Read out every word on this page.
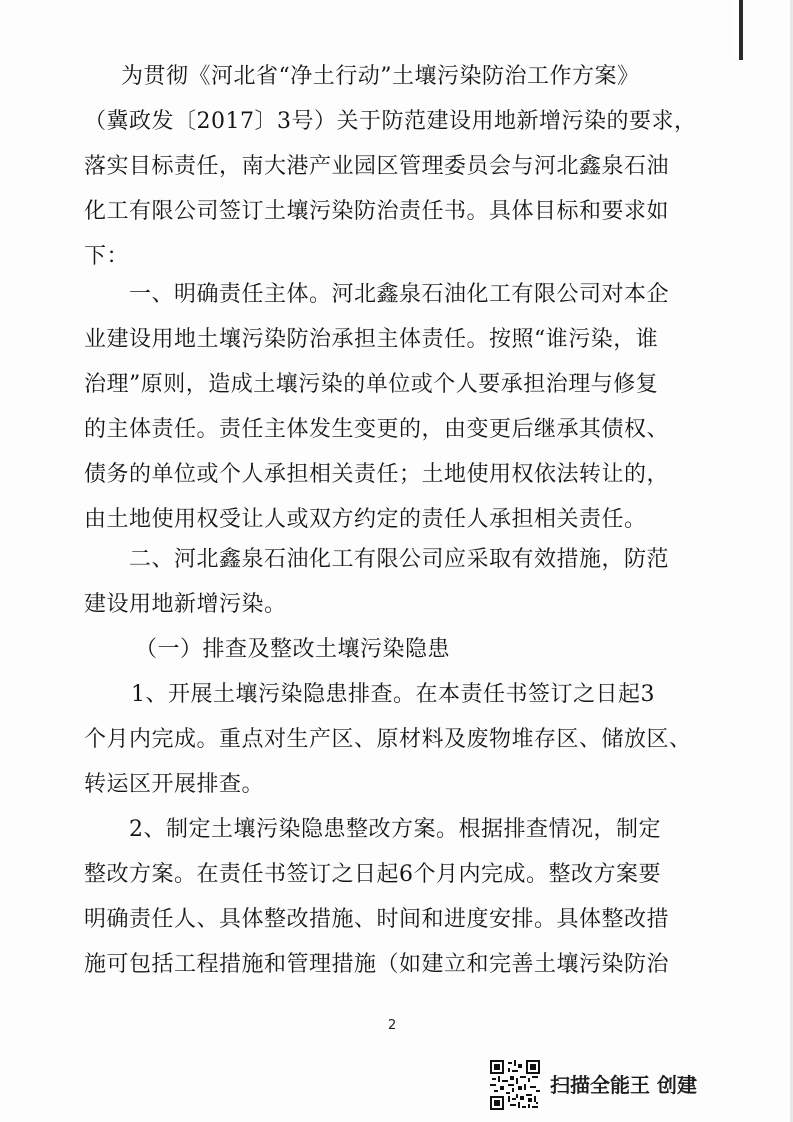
为贯彻《河北省“净土行动”土壤污染防治工作方案》
（冀政发〔2017〕3号）关于防范建设用地新增污染的要求，
落实目标责任，南大港产业园区管理委员会与河北鑫泉石油
化工有限公司签订土壤污染防治责任书。具体目标和要求如
下：
一、明确责任主体。河北鑫泉石油化工有限公司对本企
业建设用地土壤污染防治承担主体责任。按照“谁污染，谁
治理”原则，造成土壤污染的单位或个人要承担治理与修复
的主体责任。责任主体发生变更的，由变更后继承其债权、
债务的单位或个人承担相关责任；土地使用权依法转让的，
由土地使用权受让人或双方约定的责任人承担相关责任。
二、河北鑫泉石油化工有限公司应采取有效措施，防范
建设用地新增污染。
（一）排查及整改土壤污染隐患
1、开展土壤污染隐患排查。在本责任书签订之日起3
个月内完成。重点对生产区、原材料及废物堆存区、储放区、
转运区开展排查。
2、制定土壤污染隐患整改方案。根据排查情况，制定
整改方案。在责任书签订之日起6个月内完成。整改方案要
明确责任人、具体整改措施、时间和进度安排。具体整改措
施可包括工程措施和管理措施（如建立和完善土壤污染防治
2
扫描全能王 创建
